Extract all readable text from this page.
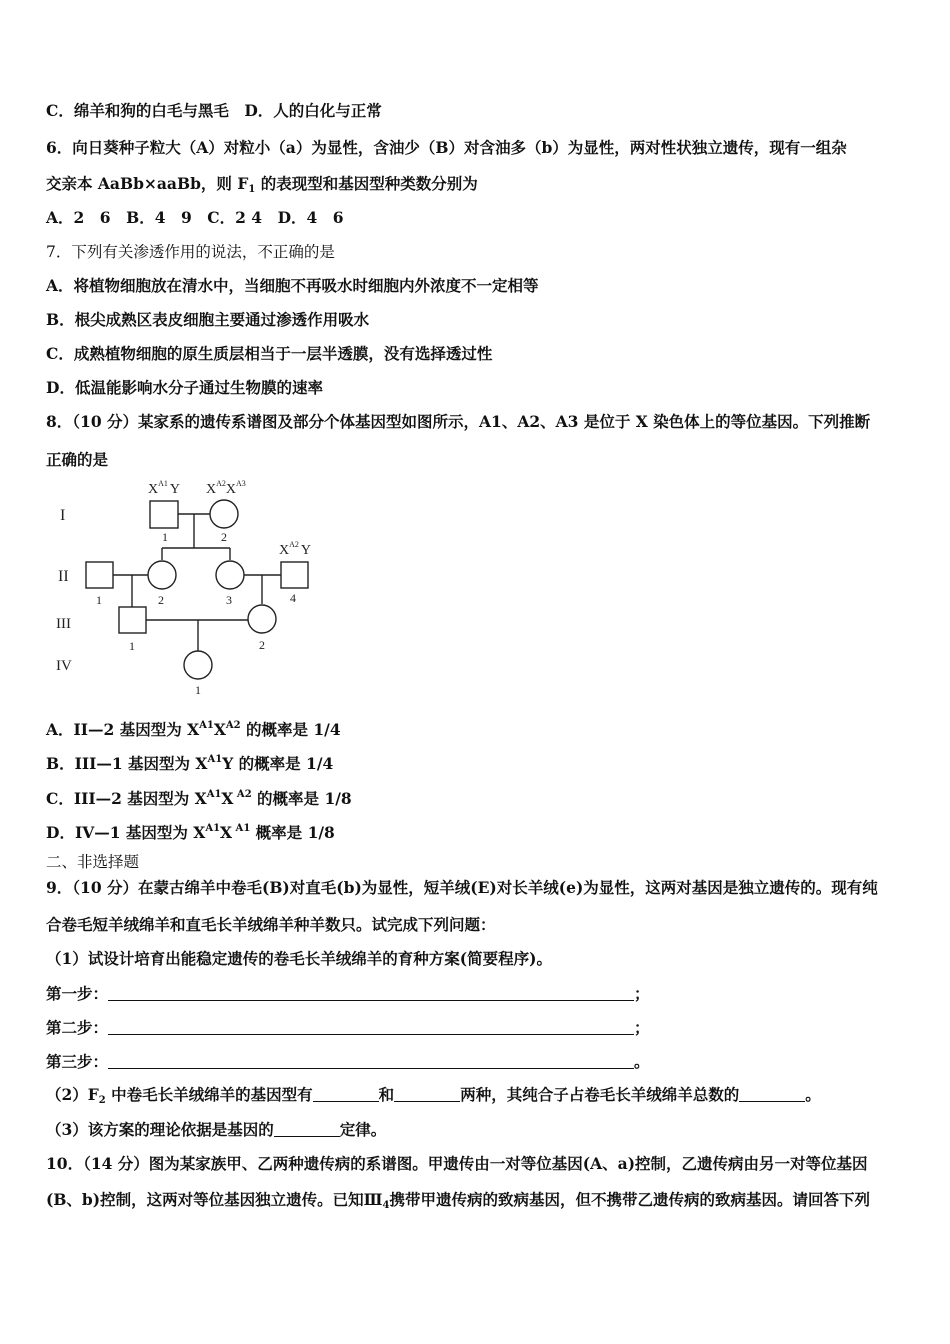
C．绵羊和狗的白毛与黑毛　D．人的白化与正常
6．向日葵种子粒大（A）对粒小（a）为显性，含油少（B）对含油多（b）为显性，两对性状独立遗传，现有一组杂
交亲本 AaBb×aaBb，则 $F_1$ 的表现型和基因型种类数分别为
A．2　6　B．4　9　C．2 4　D．4　6
7．下列有关渗透作用的说法，不正确的是
A．将植物细胞放在清水中，当细胞不再吸水时细胞内外浓度不一定相等
B．根尖成熟区表皮细胞主要通过渗透作用吸水
C．成熟植物细胞的原生质层相当于一层半透膜，没有选择透过性
D．低温能影响水分子通过生物膜的速率
8．（10 分）某家系的遗传系谱图及部分个体基因型如图所示，A1、A2、A3 是位于 X 染色体上的等位基因。下列推断
正确的是
I
II
III
IV
$X^{A1}$ Y $X^{A2}X^{A3}$
$X^{A2}$ Y
1	2
1	2	3	4
1	2
1
A．II—2 基因型为 $X^{A1}X^{A2}$ 的概率是 1/4
B．III—1 基因型为 $X^{A1}Y$ 的概率是 1/4
C．III—2 基因型为 $X^{A1}X$ $^{A2}$ 的概率是 1/8
D．IV—1 基因型为 $X^{A1}X$ $^{A1}$ 概率是 1/8
二、非选择题
9．（10 分）在蒙古绵羊中卷毛(B)对直毛(b)为显性，短羊绒(E)对长羊绒(e)为显性，这两对基因是独立遗传的。现有纯
合卷毛短羊绒绵羊和直毛长羊绒绵羊种羊数只。试完成下列问题：
（1）试设计培育出能稳定遗传的卷毛长羊绒绵羊的育种方案(简要程序)。
第一步：	；
第二步：	；
第三步：	。
$(2)F_2$ 中卷毛长羊绒绵羊的基因型有	和	两种，其纯合子占卷毛长羊绒绵羊总数的	。
（3）该方案的理论依据是基因的	定律。
10．（14 分）图为某家族甲、乙两种遗传病的系谱图。甲遗传由一对等位基因(A、a)控制，乙遗传病由另一对等位基因
(B、b)控制，这两对等位基因独立遗传。已知$Ⅲ_4$携带甲遗传病的致病基因，但不携带乙遗传病的致病基因。请回答下列
